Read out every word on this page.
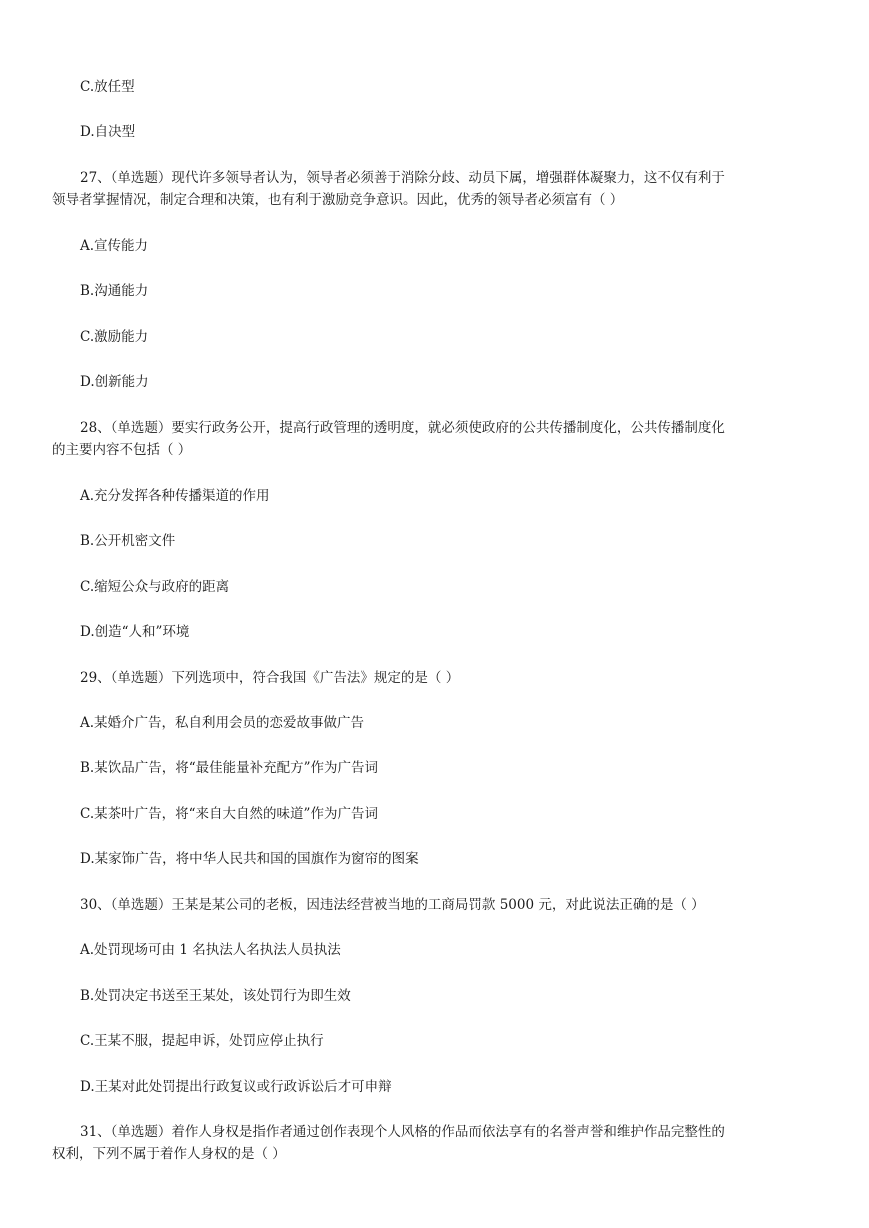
C.放任型
D.自决型
27、（单选题）现代许多领导者认为，领导者必须善于消除分歧、动员下属，增强群体凝聚力，这不仅有利于
领导者掌握情况，制定合理和决策，也有利于激励竞争意识。因此，优秀的领导者必须富有（ ）
A.宣传能力
B.沟通能力
C.激励能力
D.创新能力
28、（单选题）要实行政务公开，提高行政管理的透明度，就必须使政府的公共传播制度化，公共传播制度化
的主要内容不包括（ ）
A.充分发挥各种传播渠道的作用
B.公开机密文件
C.缩短公众与政府的距离
D.创造“人和”环境
29、（单选题）下列选项中，符合我国《广告法》规定的是（ ）
A.某婚介广告，私自利用会员的恋爱故事做广告
B.某饮品广告，将“最佳能量补充配方”作为广告词
C.某茶叶广告，将“来自大自然的味道”作为广告词
D.某家饰广告，将中华人民共和国的国旗作为窗帘的图案
30、（单选题）王某是某公司的老板，因违法经营被当地的工商局罚款 5000 元，对此说法正确的是（ ）
A.处罚现场可由 1 名执法人名执法人员执法
B.处罚决定书送至王某处，该处罚行为即生效
C.王某不服，提起申诉，处罚应停止执行
D.王某对此处罚提出行政复议或行政诉讼后才可申辩
31、（单选题）着作人身权是指作者通过创作表现个人风格的作品而依法享有的名誉声誉和维护作品完整性的
权利，下列不属于着作人身权的是（ ）
